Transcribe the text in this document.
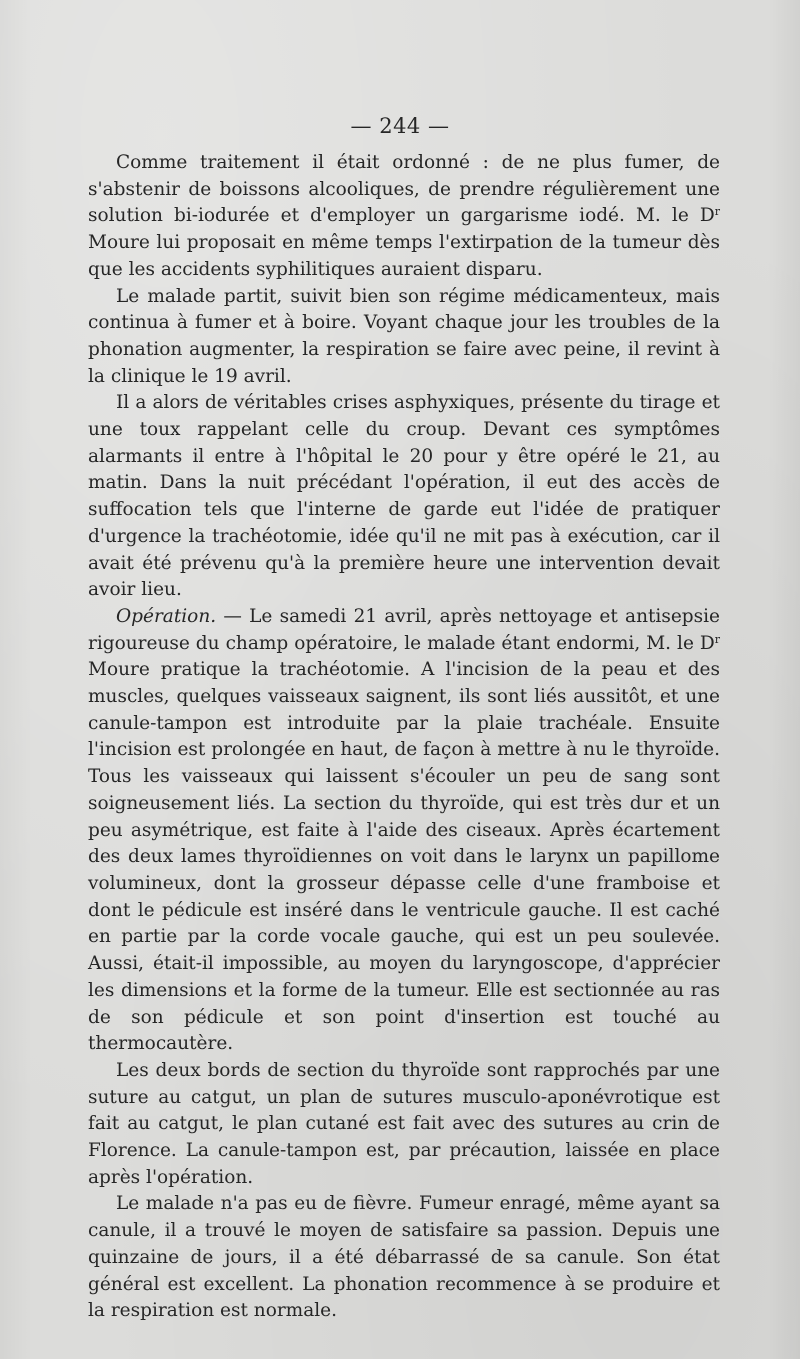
— 244 —

Comme traitement il était ordonné : de ne plus fumer, de s'abstenir de boissons alcooliques, de prendre régulièrement une solution bi-iodurée et d'employer un gargarisme iodé. M. le $D^r$ Moure lui proposait en même temps l'extirpation de la tumeur dès que les accidents syphilitiques auraient disparu.

Le malade partit, suivit bien son régime médicamenteux, mais continua à fumer et à boire. Voyant chaque jour les troubles de la phonation augmenter, la respiration se faire avec peine, il revint à la clinique le 19 avril.

Il a alors de véritables crises asphyxiques, présente du tirage et une toux rappelant celle du croup. Devant ces symptômes alarmants il entre à l'hôpital le 20 pour y être opéré le 21, au matin. Dans la nuit précédant l'opération, il eut des accès de suffocation tels que l'interne de garde eut l'idée de pratiquer d'urgence la trachéotomie, idée qu'il ne mit pas à exécution, car il avait été prévenu qu'à la première heure une intervention devait avoir lieu.

Opération. — Le samedi 21 avril, après nettoyage et antisepsie rigoureuse du champ opératoire, le malade étant endormi, M. le $D^r$ Moure pratique la trachéotomie. A l'incision de la peau et des muscles, quelques vaisseaux saignent, ils sont liés aussitôt, et une canule-tampon est introduite par la plaie trachéale. Ensuite l'incision est prolongée en haut, de façon à mettre à nu le thyroïde. Tous les vaisseaux qui laissent s'écouler un peu de sang sont soigneusement liés. La section du thyroïde, qui est très dur et un peu asymétrique, est faite à l'aide des ciseaux. Après écartement des deux lames thyroïdiennes on voit dans le larynx un papillome volumineux, dont la grosseur dépasse celle d'une framboise et dont le pédicule est inséré dans le ventricule gauche. Il est caché en partie par la corde vocale gauche, qui est un peu soulevée. Aussi, était-il impossible, au moyen du laryngoscope, d'apprécier les dimensions et la forme de la tumeur. Elle est sectionnée au ras de son pédicule et son point d'insertion est touché au thermocautère.

Les deux bords de section du thyroïde sont rapprochés par une suture au catgut, un plan de sutures musculo-aponévrotique est fait au catgut, le plan cutané est fait avec des sutures au crin de Florence. La canule-tampon est, par précaution, laissée en place après l'opération.

Le malade n'a pas eu de fièvre. Fumeur enragé, même ayant sa canule, il a trouvé le moyen de satisfaire sa passion. Depuis une quinzaine de jours, il a été débarrassé de sa canule. Son état général est excellent. La phonation recommence à se produire et la respiration est normale.
